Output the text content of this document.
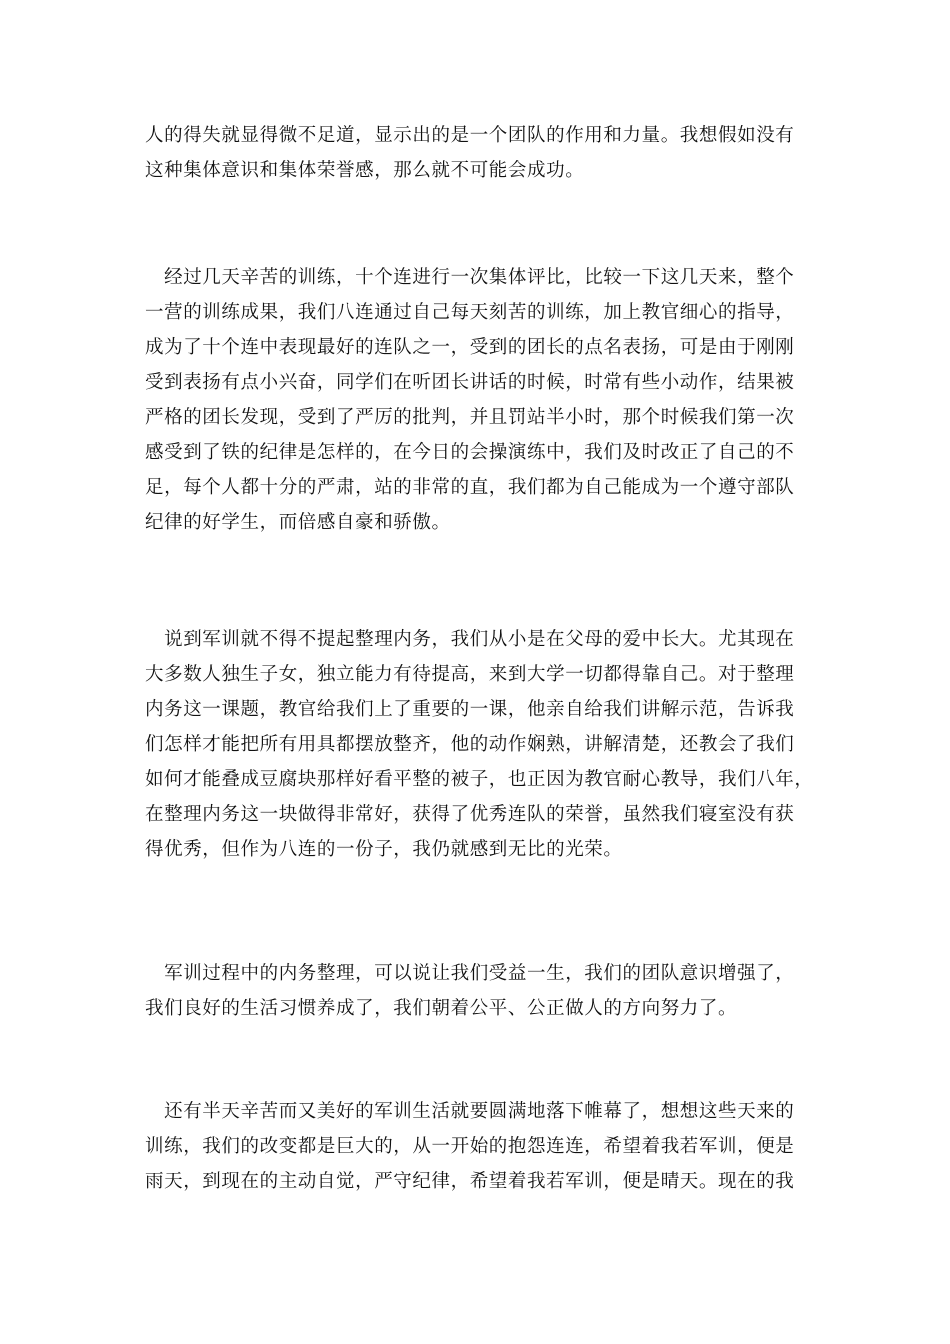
人的得失就显得微不足道，显示出的是一个团队的作用和力量。我想假如没有
这种集体意识和集体荣誉感，那么就不可能会成功。
　经过几天辛苦的训练，十个连进行一次集体评比，比较一下这几天来，整个
一营的训练成果，我们八连通过自己每天刻苦的训练，加上教官细心的指导，
成为了十个连中表现最好的连队之一，受到的团长的点名表扬，可是由于刚刚
受到表扬有点小兴奋，同学们在听团长讲话的时候，时常有些小动作，结果被
严格的团长发现，受到了严厉的批判，并且罚站半小时，那个时候我们第一次
感受到了铁的纪律是怎样的，在今日的会操演练中，我们及时改正了自己的不
足，每个人都十分的严肃，站的非常的直，我们都为自己能成为一个遵守部队
纪律的好学生，而倍感自豪和骄傲。
　说到军训就不得不提起整理内务，我们从小是在父母的爱中长大。尤其现在
大多数人独生子女，独立能力有待提高，来到大学一切都得靠自己。对于整理
内务这一课题，教官给我们上了重要的一课，他亲自给我们讲解示范，告诉我
们怎样才能把所有用具都摆放整齐，他的动作娴熟，讲解清楚，还教会了我们
如何才能叠成豆腐块那样好看平整的被子，也正因为教官耐心教导，我们八年，
在整理内务这一块做得非常好，获得了优秀连队的荣誉，虽然我们寝室没有获
得优秀，但作为八连的一份子，我仍就感到无比的光荣。
　军训过程中的内务整理，可以说让我们受益一生，我们的团队意识增强了，
我们良好的生活习惯养成了，我们朝着公平、公正做人的方向努力了。
　还有半天辛苦而又美好的军训生活就要圆满地落下帷幕了，想想这些天来的
训练，我们的改变都是巨大的，从一开始的抱怨连连，希望着我若军训，便是
雨天，到现在的主动自觉，严守纪律，希望着我若军训，便是晴天。现在的我
